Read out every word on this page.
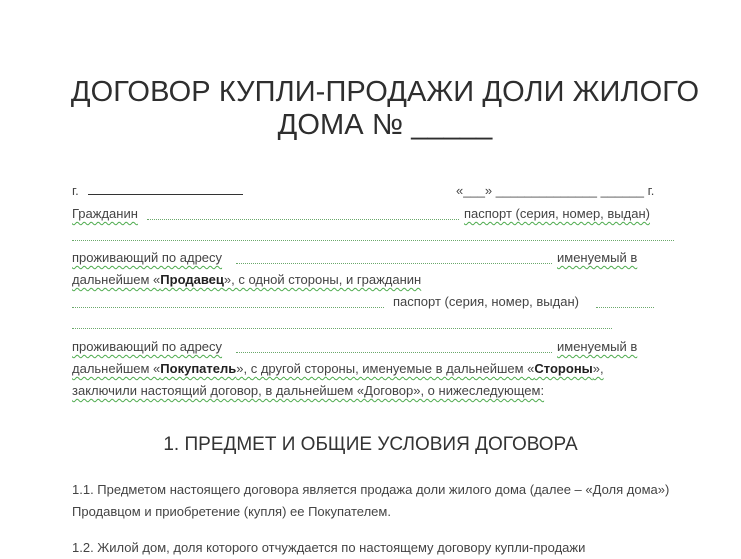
ДОГОВОР КУПЛИ-ПРОДАЖИ ДОЛИ ЖИЛОГО
ДОМА № _____
г.	«___» ______________ ______ г.
Гражданин	паспорт (серия, номер, выдан)
проживающий по адресу	именуемый в
дальнейшем «Продавец», с одной стороны, и гражданин
паспорт (серия, номер, выдан)
проживающий по адресу	именуемый в
дальнейшем «Покупатель», с другой стороны, именуемые в дальнейшем «Стороны»,
заключили настоящий договор, в дальнейшем «Договор», о нижеследующем:
1. ПРЕДМЕТ И ОБЩИЕ УСЛОВИЯ ДОГОВОРА
1.1. Предметом настоящего договора является продажа доли жилого дома (далее – «Доля дома») Продавцом и приобретение (купля) ее Покупателем.
1.2. Жилой дом, доля которого отчуждается по настоящему договору купли-продажи
